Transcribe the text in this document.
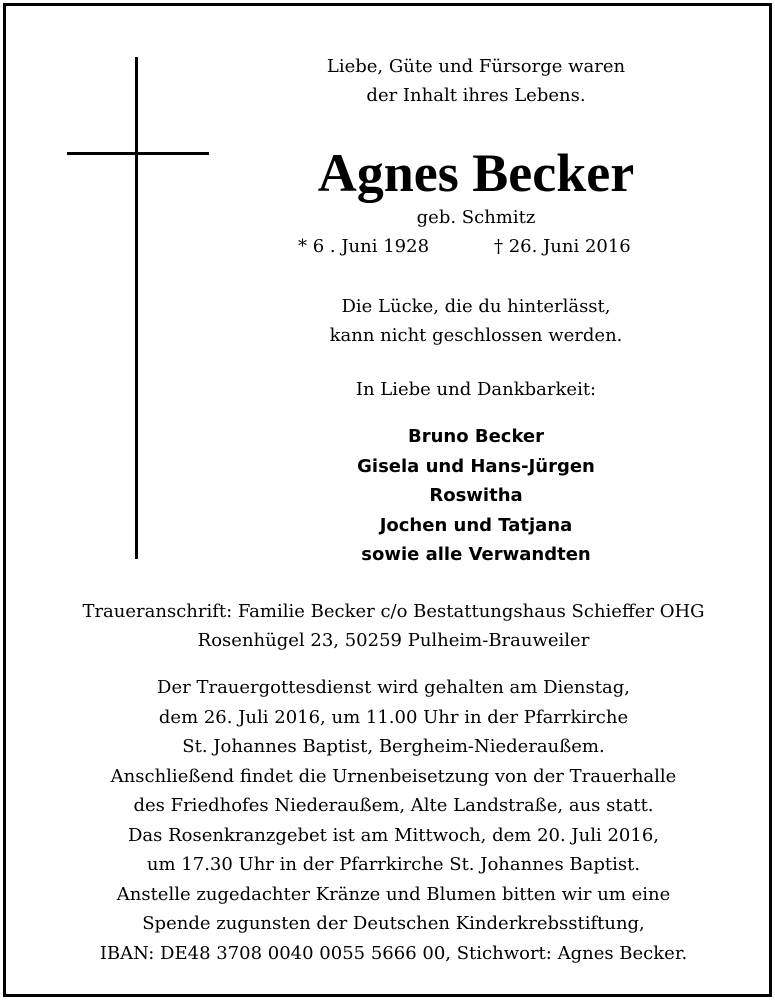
Liebe, Güte und Fürsorge waren
der Inhalt ihres Lebens.
Agnes Becker
geb. Schmitz
* 6 . Juni 1928	† 26. Juni 2016
Die Lücke, die du hinterlässt,
kann nicht geschlossen werden.
In Liebe und Dankbarkeit:
Bruno Becker
Gisela und Hans-Jürgen
Roswitha
Jochen und Tatjana
sowie alle Verwandten
Traueranschrift: Familie Becker c/o Bestattungshaus Schieffer OHG
Rosenhügel 23, 50259 Pulheim-Brauweiler
Der Trauergottesdienst wird gehalten am Dienstag,
dem 26. Juli 2016, um 11.00 Uhr in der Pfarrkirche
St. Johannes Baptist, Bergheim-Niederaußem.
Anschließend findet die Urnenbeisetzung von der Trauerhalle
des Friedhofes Niederaußem, Alte Landstraße, aus statt.
Das Rosenkranzgebet ist am Mittwoch, dem 20. Juli 2016,
um 17.30 Uhr in der Pfarrkirche St. Johannes Baptist.
Anstelle zugedachter Kränze und Blumen bitten wir um eine
Spende zugunsten der Deutschen Kinderkrebsstiftung,
IBAN: DE48 3708 0040 0055 5666 00, Stichwort: Agnes Becker.
